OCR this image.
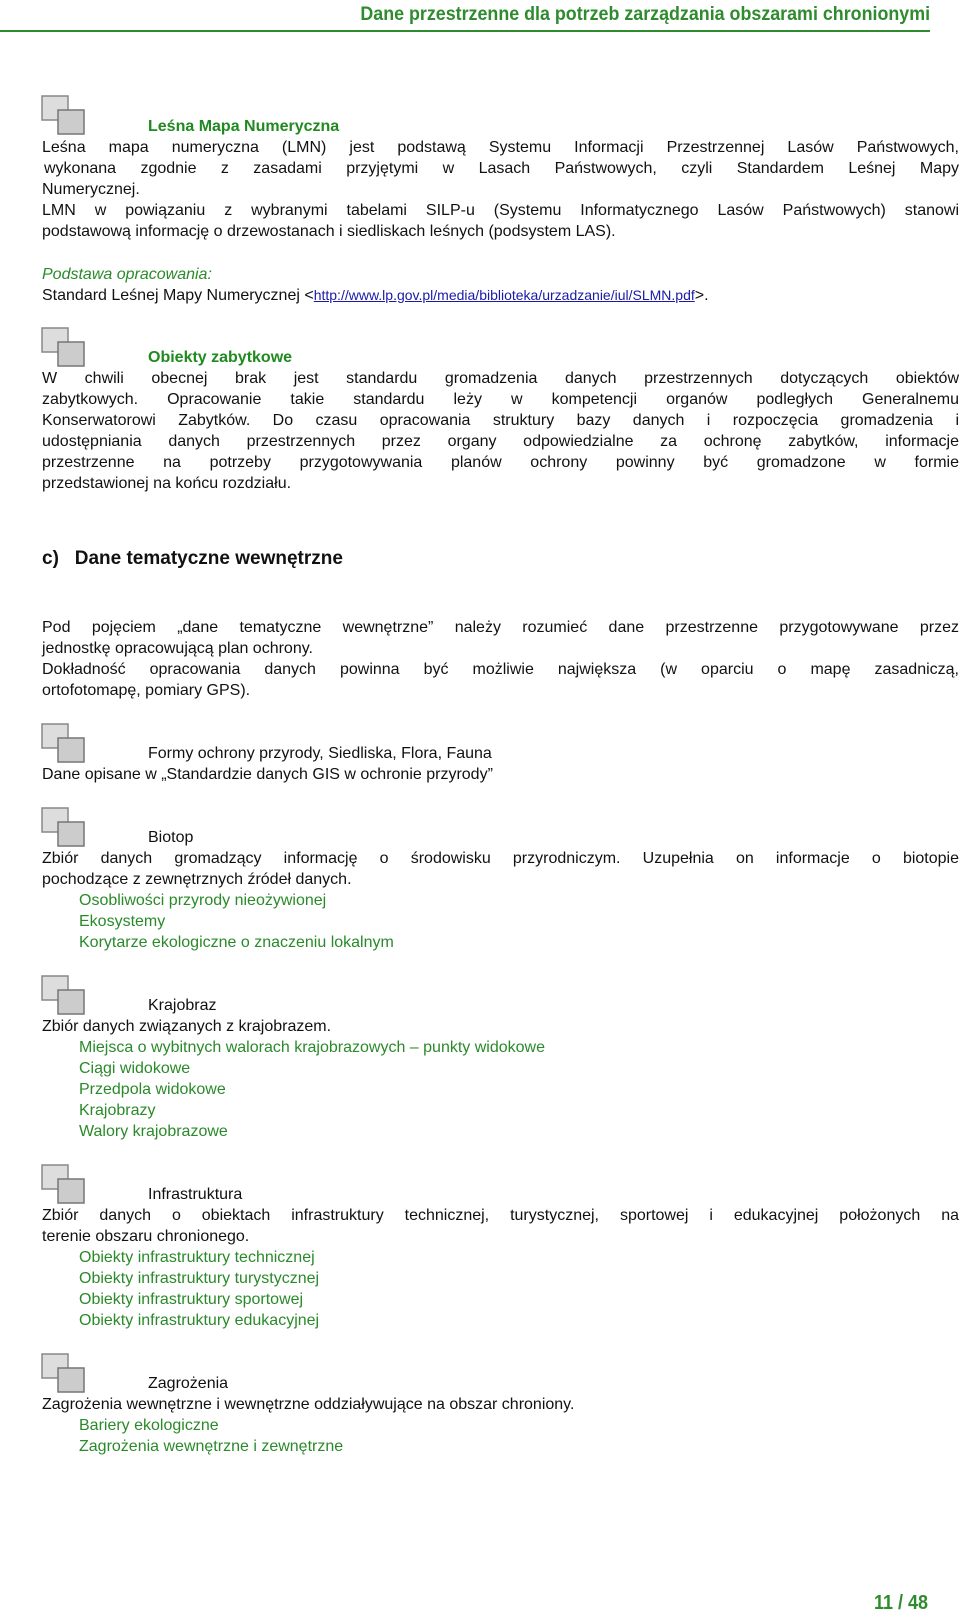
Dane przestrzenne dla potrzeb zarządzania obszarami chronionymi
Leśna Mapa Numeryczna
Leśna mapa numeryczna (LMN) jest podstawą Systemu Informacji Przestrzennej Lasów Państwowych,
wykonana zgodnie z zasadami przyjętymi w Lasach Państwowych, czyli Standardem Leśnej Mapy
Numerycznej.
LMN w powiązaniu z wybranymi tabelami SILP-u (Systemu Informatycznego Lasów Państwowych) stanowi
podstawową informację o drzewostanach i siedliskach leśnych (podsystem LAS).
Podstawa opracowania:
Standard Leśnej Mapy Numerycznej <http://www.lp.gov.pl/media/biblioteka/urzadzanie/iul/SLMN.pdf>.
Obiekty zabytkowe
W chwili obecnej brak jest standardu gromadzenia danych przestrzennych dotyczących obiektów
zabytkowych. Opracowanie takie standardu leży w kompetencji organów podległych Generalnemu
Konserwatorowi Zabytków. Do czasu opracowania struktury bazy danych i rozpoczęcia gromadzenia i
udostępniania danych przestrzennych przez organy odpowiedzialne za ochronę zabytków, informacje
przestrzenne na potrzeby przygotowywania planów ochrony powinny być gromadzone w formie
przedstawionej na końcu rozdziału.
c)   Dane tematyczne wewnętrzne
Pod pojęciem „dane tematyczne wewnętrzne” należy rozumieć dane przestrzenne przygotowywane przez
jednostkę opracowującą plan ochrony.
Dokładność opracowania danych powinna być możliwie największa (w oparciu o mapę zasadniczą,
ortofotomapę, pomiary GPS).
Formy ochrony przyrody, Siedliska, Flora, Fauna
Dane opisane w „Standardzie danych GIS w ochronie przyrody”
Biotop
Zbiór danych gromadzący informację o środowisku przyrodniczym. Uzupełnia on informacje o biotopie
pochodzące z zewnętrznych źródeł danych.
Osobliwości przyrody nieożywionej
Ekosystemy
Korytarze ekologiczne o znaczeniu lokalnym
Krajobraz
Zbiór danych związanych z krajobrazem.
Miejsca o wybitnych walorach krajobrazowych – punkty widokowe
Ciągi widokowe
Przedpola widokowe
Krajobrazy
Walory krajobrazowe
Infrastruktura
Zbiór danych o obiektach infrastruktury technicznej, turystycznej, sportowej i edukacyjnej położonych na
terenie obszaru chronionego.
Obiekty infrastruktury technicznej
Obiekty infrastruktury turystycznej
Obiekty infrastruktury sportowej
Obiekty infrastruktury edukacyjnej
Zagrożenia
Zagrożenia wewnętrzne i wewnętrzne oddziaływujące na obszar chroniony.
Bariery ekologiczne
Zagrożenia wewnętrzne i zewnętrzne
11 / 48
